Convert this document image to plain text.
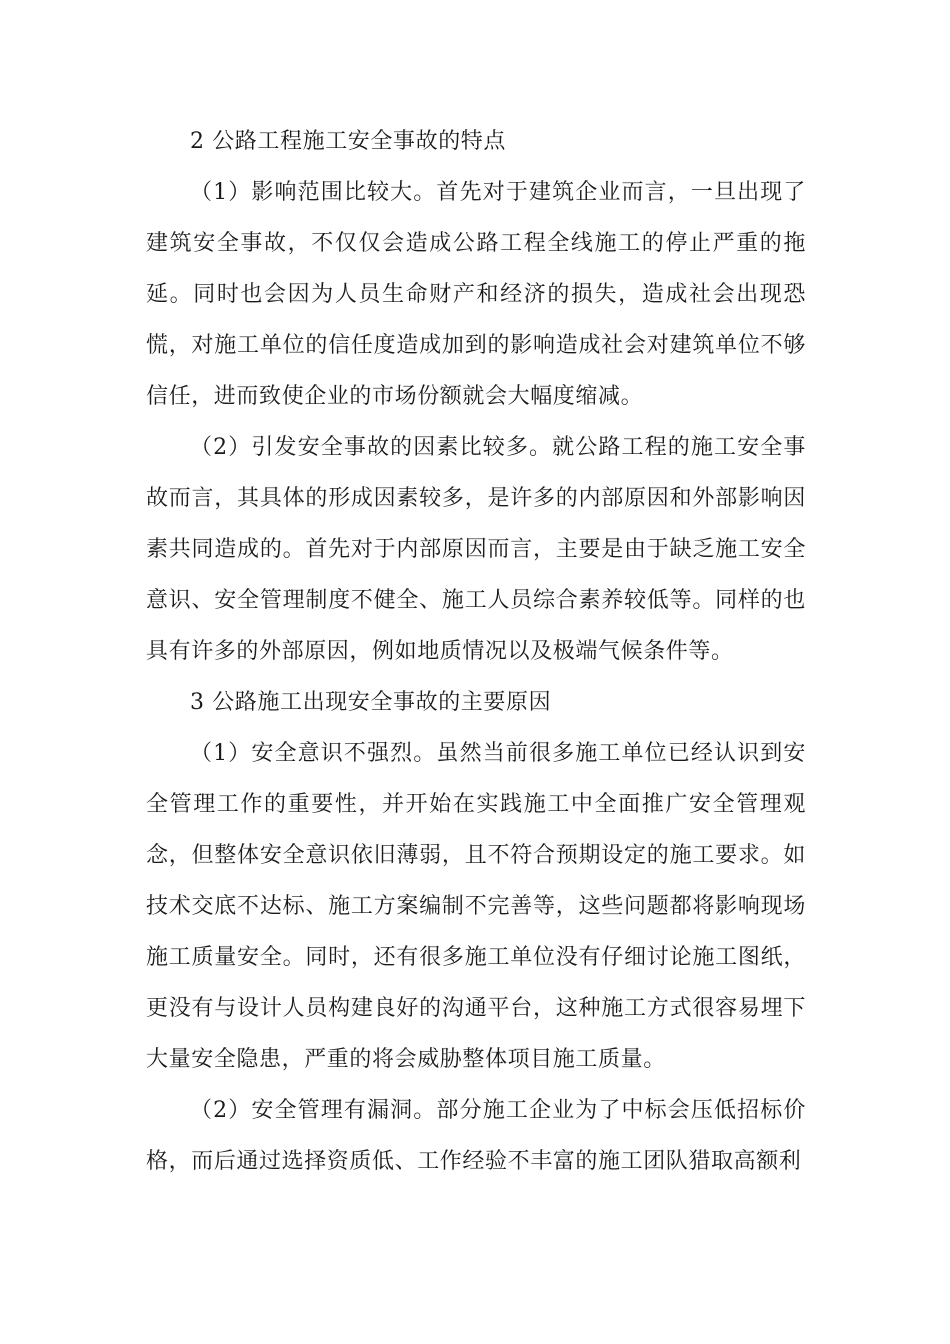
2 公路工程施工安全事故的特点

（1）影响范围比较大。首先对于建筑企业而言，一旦出现了建筑安全事故，不仅仅会造成公路工程全线施工的停止严重的拖延。同时也会因为人员生命财产和经济的损失，造成社会出现恐慌，对施工单位的信任度造成加到的影响造成社会对建筑单位不够信任，进而致使企业的市场份额就会大幅度缩减。

（2）引发安全事故的因素比较多。就公路工程的施工安全事故而言，其具体的形成因素较多，是许多的内部原因和外部影响因素共同造成的。首先对于内部原因而言，主要是由于缺乏施工安全意识、安全管理制度不健全、施工人员综合素养较低等。同样的也具有许多的外部原因，例如地质情况以及极端气候条件等。

3 公路施工出现安全事故的主要原因

（1）安全意识不强烈。虽然当前很多施工单位已经认识到安全管理工作的重要性，并开始在实践施工中全面推广安全管理观念，但整体安全意识依旧薄弱，且不符合预期设定的施工要求。如技术交底不达标、施工方案编制不完善等，这些问题都将影响现场施工质量安全。同时，还有很多施工单位没有仔细讨论施工图纸，更没有与设计人员构建良好的沟通平台，这种施工方式很容易埋下大量安全隐患，严重的将会威胁整体项目施工质量。

（2）安全管理有漏洞。部分施工企业为了中标会压低招标价格，而后通过选择资质低、工作经验不丰富的施工团队猎取高额利
